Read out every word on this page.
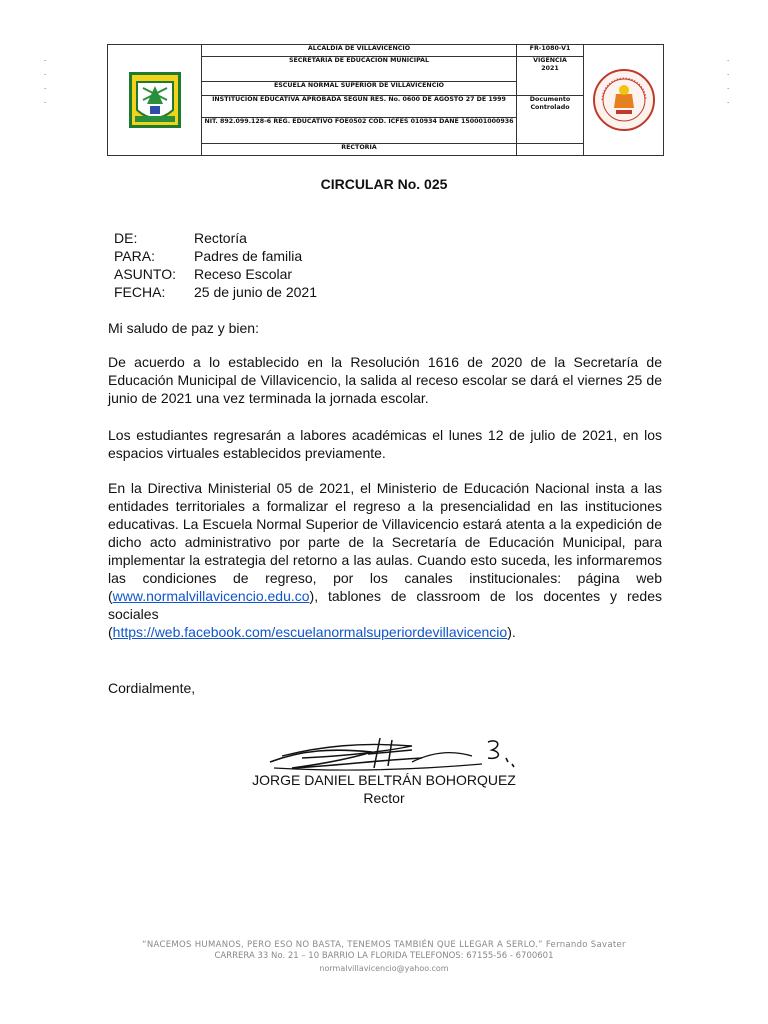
.
.
.
.
.
.
.
.
	ALCALDIA DE VILLAVICENCIO	FR-1080-V1	

	SECRETARIA DE EDUCACION MUNICIPAL	VIGENCIA
2021	

	ESCUELA NORMAL SUPERIOR DE VILLAVICENCIO		
	INSTITUCIÓN EDUCATIVA APROBADA SEGÚN RES. No. 0600 DE AGOSTO 27 DE 1999	Documento
Controlado	

	NIT. 892.099.128-6 REG. EDUCATIVO FOE0502 COD. ICFES 010934 DANE 150001000936		
	RECTORIA		
CIRCULAR No. 025
DE:	Rectoría
PARA:	Padres de familia
ASUNTO:	Receso Escolar
FECHA:	25 de junio de 2021
Mi saludo de paz y bien:
De acuerdo a lo establecido en la Resolución 1616 de 2020 de la Secretaría de Educación Municipal de Villavicencio, la salida al receso escolar se dará el viernes 25 de junio de 2021 una vez terminada la jornada escolar.
Los estudiantes regresarán a labores académicas el lunes 12 de julio de 2021, en los espacios virtuales establecidos previamente.
En la Directiva Ministerial 05 de 2021, el Ministerio de Educación Nacional insta a las entidades territoriales a formalizar el regreso a la presencialidad en las instituciones educativas. La Escuela Normal Superior de Villavicencio estará atenta a la expedición de dicho acto administrativo por parte de la Secretaría de Educación Municipal, para implementar la estrategia del retorno a las aulas. Cuando esto suceda, les informaremos las condiciones de regreso, por los canales institucionales: página web (www.normalvillavicencio.edu.co), tablones de classroom de los docentes y redes sociales
(https://web.facebook.com/escuelanormalsuperiordevillavicencio).
Cordialmente,
JORGE DANIEL BELTRÁN BOHORQUEZ
Rector
“NACEMOS HUMANOS, PERO ESO NO BASTA, TENEMOS TAMBIÉN QUE LLEGAR A SERLO.” Fernando Savater
CARRERA 33 No. 21 – 10 BARRIO LA FLORIDA TELEFONOS: 67155-56 - 6700601
normalvillavicencio@yahoo.com
